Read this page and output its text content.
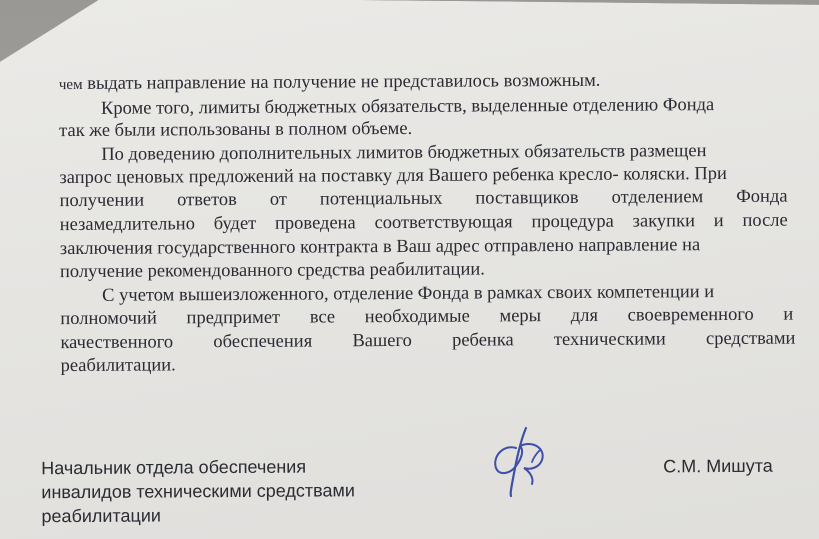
чем выдать направление на получение не представилось возможным.
Кроме того, лимиты бюджетных обязательств, выделенные отделению Фонда
так же были использованы в полном объеме.
По доведению дополнительных лимитов бюджетных обязательств размещен
запрос ценовых предложений на поставку для Вашего ребенка кресло- коляски. При
получении ответов от потенциальных поставщиков отделением Фонда
незамедлительно будет проведена соответствующая процедура закупки и после
заключения государственного контракта в Ваш адрес отправлено направление на
получение рекомендованного средства реабилитации.
С учетом вышеизложенного, отделение Фонда в рамках своих компетенции и
полномочий предпримет все необходимые меры для своевременного и
качественного обеспечения Вашего ребенка техническими средствами
реабилитации.
Начальник отдела обеспечения
инвалидов техническими средствами
реабилитации
С.М. Мишута
